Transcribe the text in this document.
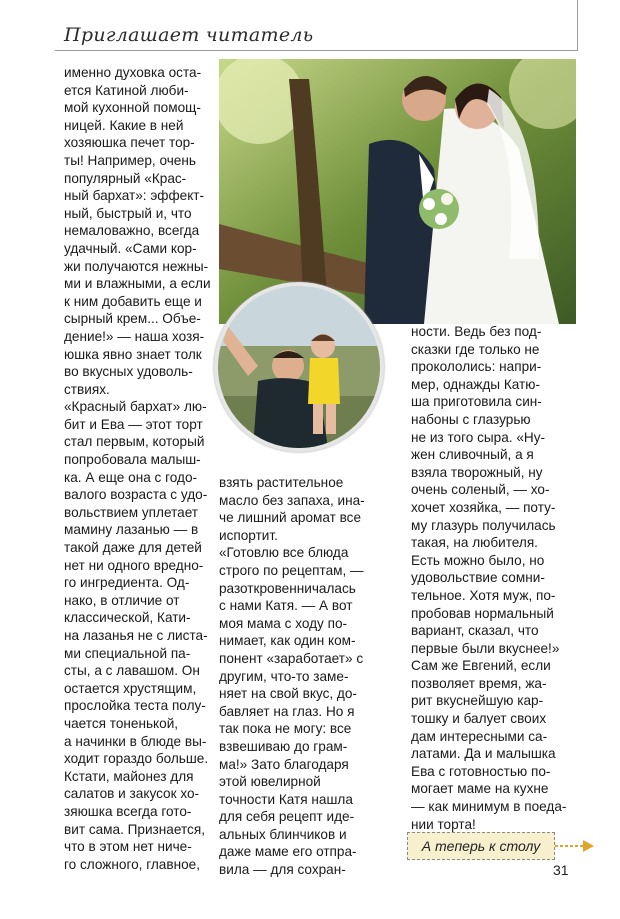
Приглашает читатель
именно духовка оста-
ется Катиной люби-
мой кухонной помощ-
ницей. Какие в ней
хозяюшка печет тор-
ты! Например, очень
популярный «Крас-
ный бархат»: эффект-
ный, быстрый и, что
немаловажно, всегда
удачный. «Сами кор-
жи получаются нежны-
ми и влажными, а если
к ним добавить еще и
сырный крем... Объе-
дение!» — наша хозя-
юшка явно знает толк
во вкусных удоволь-
ствиях.
«Красный бархат» лю-
бит и Ева — этот торт
стал первым, который
попробовала малыш-
ка. А еще она с годо-
валого возраста с удо-
вольствием уплетает
мамину лазанью — в
такой даже для детей
нет ни одного вредно-
го ингредиента. Од-
нако, в отличие от
классической, Кати-
на лазанья не с листа-
ми специальной па-
сты, а с лавашом. Он
остается хрустящим,
прослойка теста полу-
чается тоненькой,
а начинки в блюде вы-
ходит гораздо больше.
Кстати, майонез для
салатов и закусок хо-
зяюшка всегда гото-
вит сама. Признается,
что в этом нет ниче-
го сложного, главное,
взять растительное
масло без запаха, ина-
че лишний аромат все
испортит.
«Готовлю все блюда
строго по рецептам, —
разоткровенничалась
с нами Катя. — А вот
моя мама с ходу по-
нимает, как один ком-
понент «заработает» с
другим, что-то заме-
няет на свой вкус, до-
бавляет на глаз. Но я
так пока не могу: все
взвешиваю до грам-
ма!» Зато благодаря
этой ювелирной
точности Катя нашла
для себя рецепт иде-
альных блинчиков и
даже маме его отпра-
вила — для сохран-
ности. Ведь без под-
сказки где только не
прокололись: напри-
мер, однажды Катю-
ша приготовила син-
набоны с глазурью
не из того сыра. «Ну-
жен сливочный, а я
взяла творожный, ну
очень соленый, — хо-
хочет хозяйка, — поту-
му глазурь получилась
такая, на любителя.
Есть можно было, но
удовольствие сомни-
тельное. Хотя муж, по-
пробовав нормальный
вариант, сказал, что
первые были вкуснее!»
Сам же Евгений, если
позволяет время, жа-
рит вкуснейшую кар-
тошку и балует своих
дам интересными са-
латами. Да и малышка
Ева с готовностью по-
могает маме на кухне
— как минимум в поеда-
нии торта!
А теперь к столу
31
